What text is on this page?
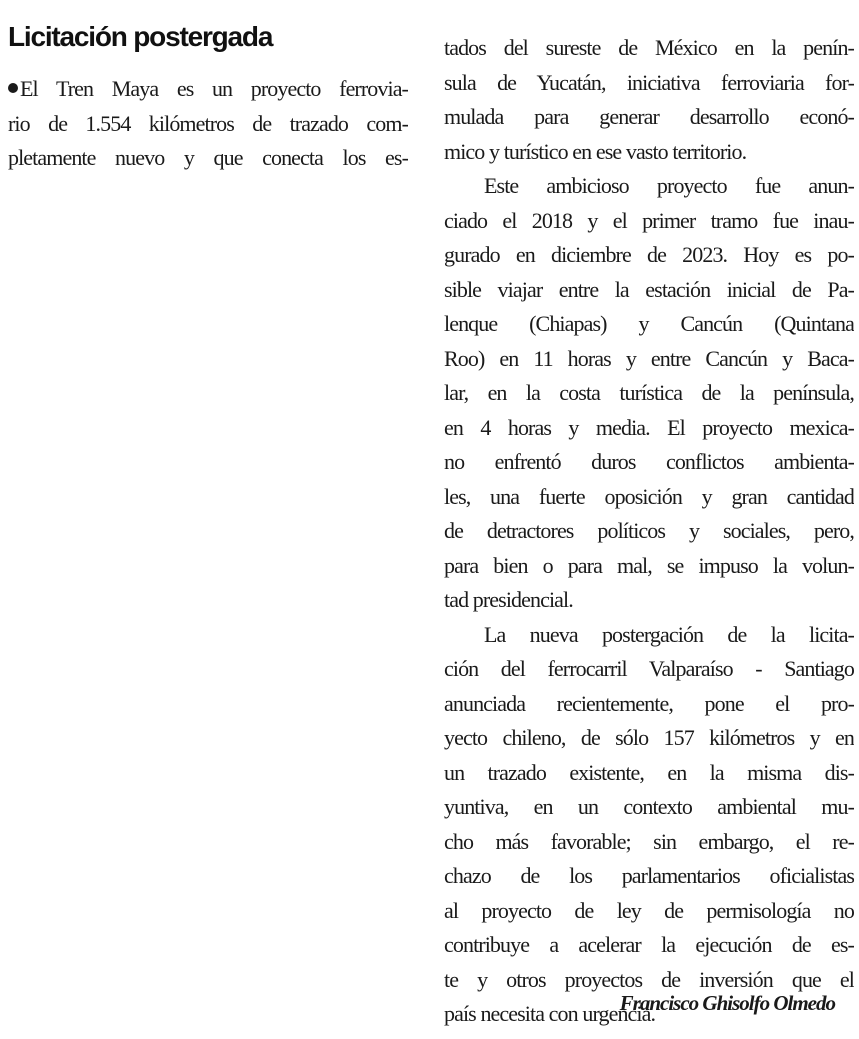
Licitación postergada
El Tren Maya es un proyecto ferrovia-
rio de 1.554 kilómetros de trazado com-
pletamente nuevo y que conecta los es-
tados del sureste de México en la penín-
sula de Yucatán, iniciativa ferroviaria for-
mulada para generar desarrollo econó-
mico y turístico en ese vasto territorio.
Este ambicioso proyecto fue anun-
ciado el 2018 y el primer tramo fue inau-
gurado en diciembre de 2023. Hoy es po-
sible viajar entre la estación inicial de Pa-
lenque (Chiapas) y Cancún (Quintana
Roo) en 11 horas y entre Cancún y Baca-
lar, en la costa turística de la península,
en 4 horas y media. El proyecto mexica-
no enfrentó duros conflictos ambienta-
les, una fuerte oposición y gran cantidad
de detractores políticos y sociales, pero,
para bien o para mal, se impuso la volun-
tad presidencial.
La nueva postergación de la licita-
ción del ferrocarril Valparaíso - Santiago
anunciada recientemente, pone el pro-
yecto chileno, de sólo 157 kilómetros y en
un trazado existente, en la misma dis-
yuntiva, en un contexto ambiental mu-
cho más favorable; sin embargo, el re-
chazo de los parlamentarios oficialistas
al proyecto de ley de permisología no
contribuye a acelerar la ejecución de es-
te y otros proyectos de inversión que el
país necesita con urgencia.

Francisco Ghisolfo Olmedo
